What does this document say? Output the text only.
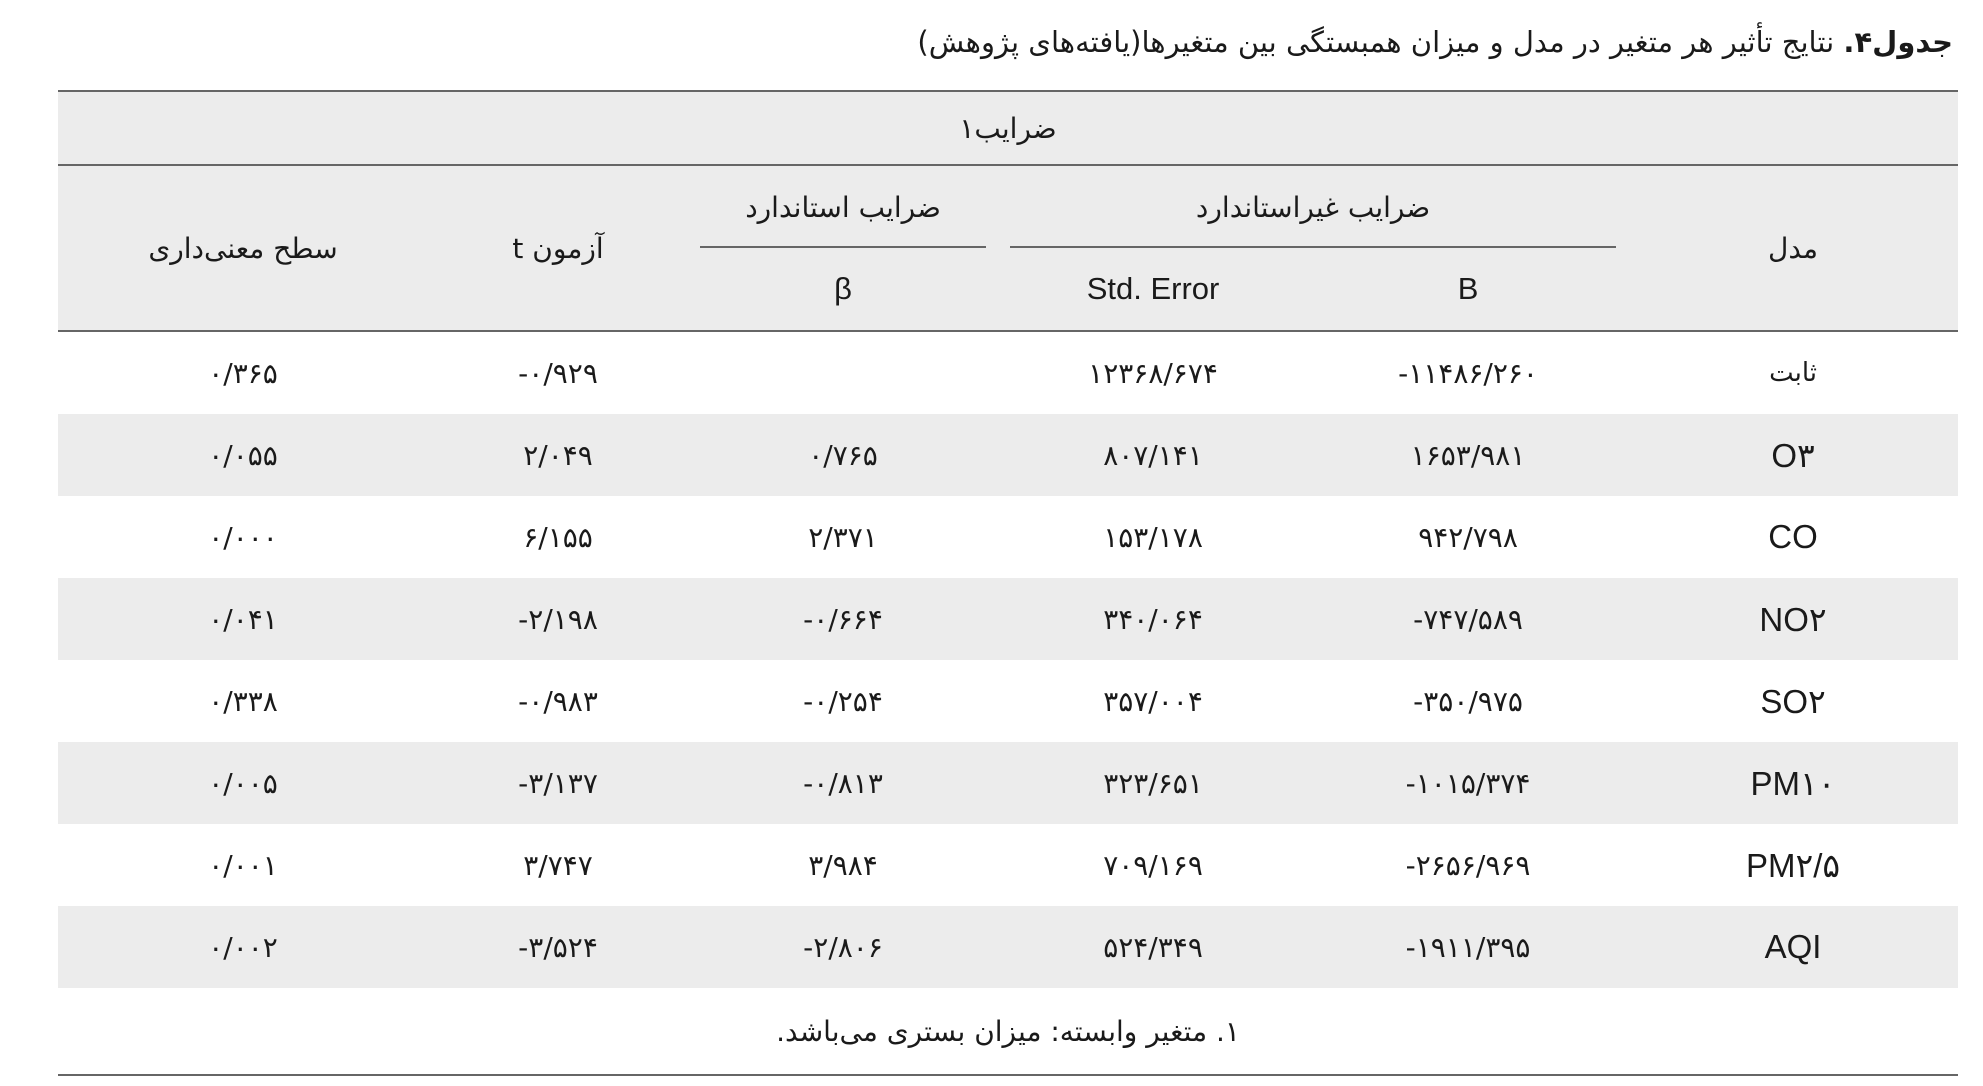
جدول۴. نتایج تأثیر هر متغیر در مدل و میزان همبستگی بین متغیرها(یافته‌های پژوهش)
ضرایب۱					
مدل	ضرایب غیراستاندارد		ضرایب استاندارد	آزمون t	سطح معنی‌داری
	B	Std. Error	β		
ثابت	-۱۱۴۸۶/۲۶۰	۱۲۳۶۸/۶۷۴		-۰/۹۲۹	۰/۳۶۵
O۳	۱۶۵۳/۹۸۱	۸۰۷/۱۴۱	۰/۷۶۵	۲/۰۴۹	۰/۰۵۵
CO	۹۴۲/۷۹۸	۱۵۳/۱۷۸	۲/۳۷۱	۶/۱۵۵	۰/۰۰۰
NO۲	-۷۴۷/۵۸۹	۳۴۰/۰۶۴	-۰/۶۶۴	-۲/۱۹۸	۰/۰۴۱
SO۲	-۳۵۰/۹۷۵	۳۵۷/۰۰۴	-۰/۲۵۴	-۰/۹۸۳	۰/۳۳۸
PM۱۰	-۱۰۱۵/۳۷۴	۳۲۳/۶۵۱	-۰/۸۱۳	-۳/۱۳۷	۰/۰۰۵
PM۲/۵	-۲۶۵۶/۹۶۹	۷۰۹/۱۶۹	۳/۹۸۴	۳/۷۴۷	۰/۰۰۱
AQI	-۱۹۱۱/۳۹۵	۵۲۴/۳۴۹	-۲/۸۰۶	-۳/۵۲۴	۰/۰۰۲
۱. متغیر وابسته: میزان بستری می‌باشد.					
